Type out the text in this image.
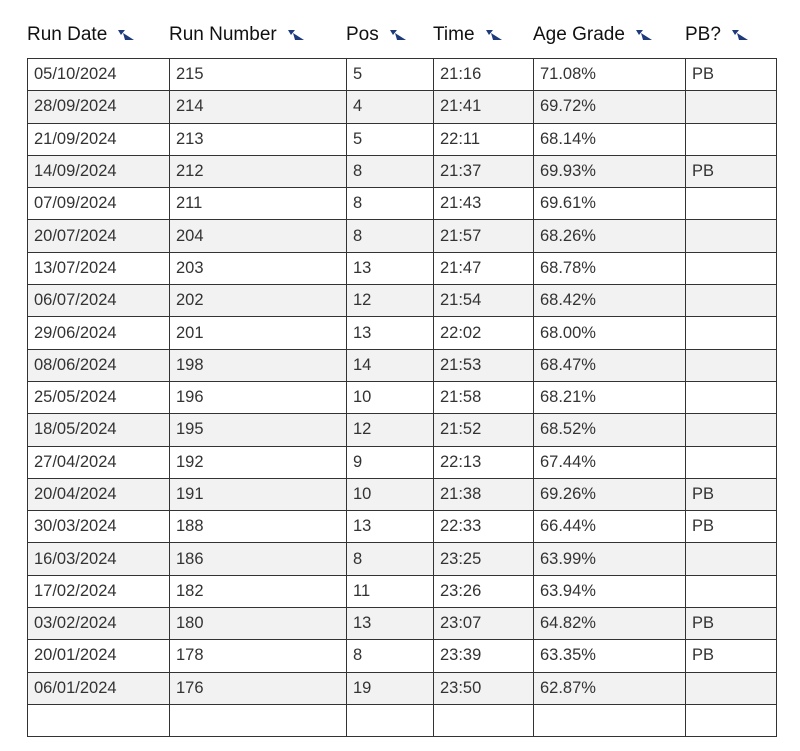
Run Date	Run Number	Pos	Time	Age Grade	PB?
05/10/2024	215	5	21:16	71.08%	PB
28/09/2024	214	4	21:41	69.72%	
21/09/2024	213	5	22:11	68.14%	
14/09/2024	212	8	21:37	69.93%	PB
07/09/2024	211	8	21:43	69.61%	
20/07/2024	204	8	21:57	68.26%	
13/07/2024	203	13	21:47	68.78%	
06/07/2024	202	12	21:54	68.42%	
29/06/2024	201	13	22:02	68.00%	
08/06/2024	198	14	21:53	68.47%	
25/05/2024	196	10	21:58	68.21%	
18/05/2024	195	12	21:52	68.52%	
27/04/2024	192	9	22:13	67.44%	
20/04/2024	191	10	21:38	69.26%	PB
30/03/2024	188	13	22:33	66.44%	PB
16/03/2024	186	8	23:25	63.99%	
17/02/2024	182	11	23:26	63.94%	
03/02/2024	180	13	23:07	64.82%	PB
20/01/2024	178	8	23:39	63.35%	PB
06/01/2024	176	19	23:50	62.87%	
